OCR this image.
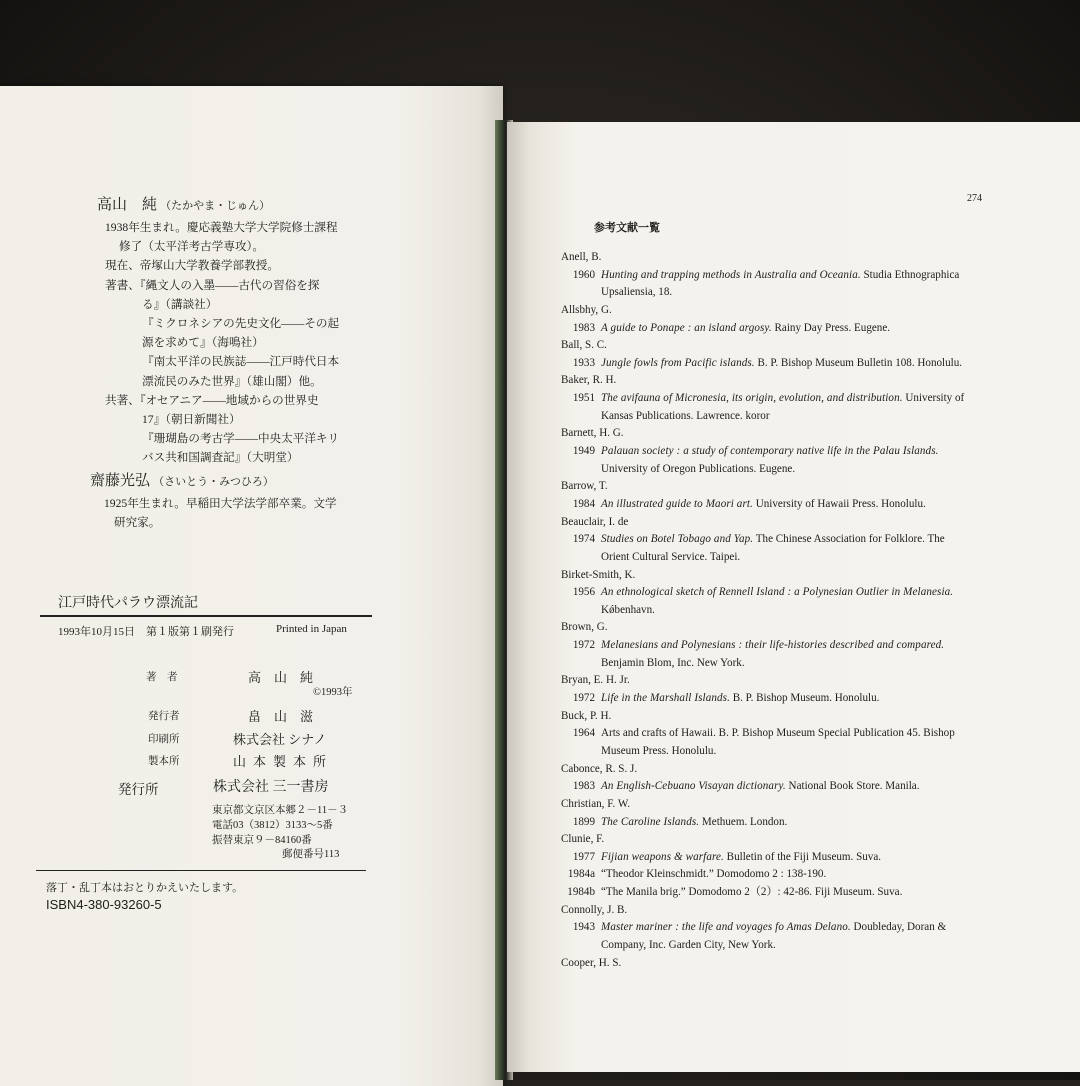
高山　純 （たかやま・じゅん）
1938年生まれ。慶応義塾大学大学院修士課程
修了（太平洋考古学専攻）。
現在、帝塚山大学教養学部教授。
著書、『縄文人の入墨――古代の習俗を探
る』（講談社）
『ミクロネシアの先史文化――その起
源を求めて』（海鳴社）
『南太平洋の民族誌――江戸時代日本
漂流民のみた世界』（雄山閣）他。
共著、『オセアニア――地域からの世界史
17』（朝日新聞社）
『珊瑚島の考古学――中央太平洋キリ
バス共和国調査記』（大明堂）
齋藤光弘 （さいとう・みつひろ）
1925年生まれ。早稲田大学法学部卒業。文学
研究家。
江戸時代パラウ漂流記
1993年10月15日　第１版第１刷発行	Printed in Japan
著　者	高　山　純
©1993年
発行者	畠　山　滋
印刷所	株式会社 シナノ
製本所	山本製本所
発行所	株式会社 三一書房
東京都文京区本郷２－11－３
電話03（3812）3133～5番
振替東京９－84160番
郵便番号113
落丁・乱丁本はおとりかえいたします。
ISBN4-380-93260-5
274
参考文献一覧
Anell, B.
1960 Hunting and trapping methods in Australia and Oceania. Studia Ethnographica
Upsaliensia, 18.
Allsbhy, G.
1983 A guide to Ponape : an island argosy. Rainy Day Press. Eugene.
Ball, S. C.
1933 Jungle fowls from Pacific islands. B. P. Bishop Museum Bulletin 108. Honolulu.
Baker, R. H.
1951 The avifauna of Micronesia, its origin, evolution, and distribution. University of
Kansas Publications. Lawrence. koror
Barnett, H. G.
1949 Palauan society : a study of contemporary native life in the Palau Islands.
University of Oregon Publications. Eugene.
Barrow, T.
1984 An illustrated guide to Maori art. University of Hawaii Press. Honolulu.
Beauclair, I. de
1974 Studies on Botel Tobago and Yap. The Chinese Association for Folklore. The
Orient Cultural Service. Taipei.
Birket-Smith, K.
1956 An ethnological sketch of Rennell Island : a Polynesian Outlier in Melanesia.
Kǿbenhavn.
Brown, G.
1972 Melanesians and Polynesians : their life-histories described and compared.
Benjamin Blom, Inc. New York.
Bryan, E. H. Jr.
1972 Life in the Marshall Islands. B. P. Bishop Museum. Honolulu.
Buck, P. H.
1964 Arts and crafts of Hawaii. B. P. Bishop Museum Special Publication 45. Bishop
Museum Press. Honolulu.
Cabonce, R. S. J.
1983 An English-Cebuano Visayan dictionary. National Book Store. Manila.
Christian, F. W.
1899 The Caroline Islands. Methuem. London.
Clunie, F.
1977 Fijian weapons & warfare. Bulletin of the Fiji Museum. Suva.
1984a “Theodor Kleinschmidt.” Domodomo 2 : 138-190.
1984b “The Manila brig.” Domodomo 2（2）: 42-86. Fiji Museum. Suva.
Connolly, J. B.
1943 Master mariner : the life and voyages fo Amas Delano. Doubleday, Doran &
Company, Inc. Garden City, New York.
Cooper, H. S.
